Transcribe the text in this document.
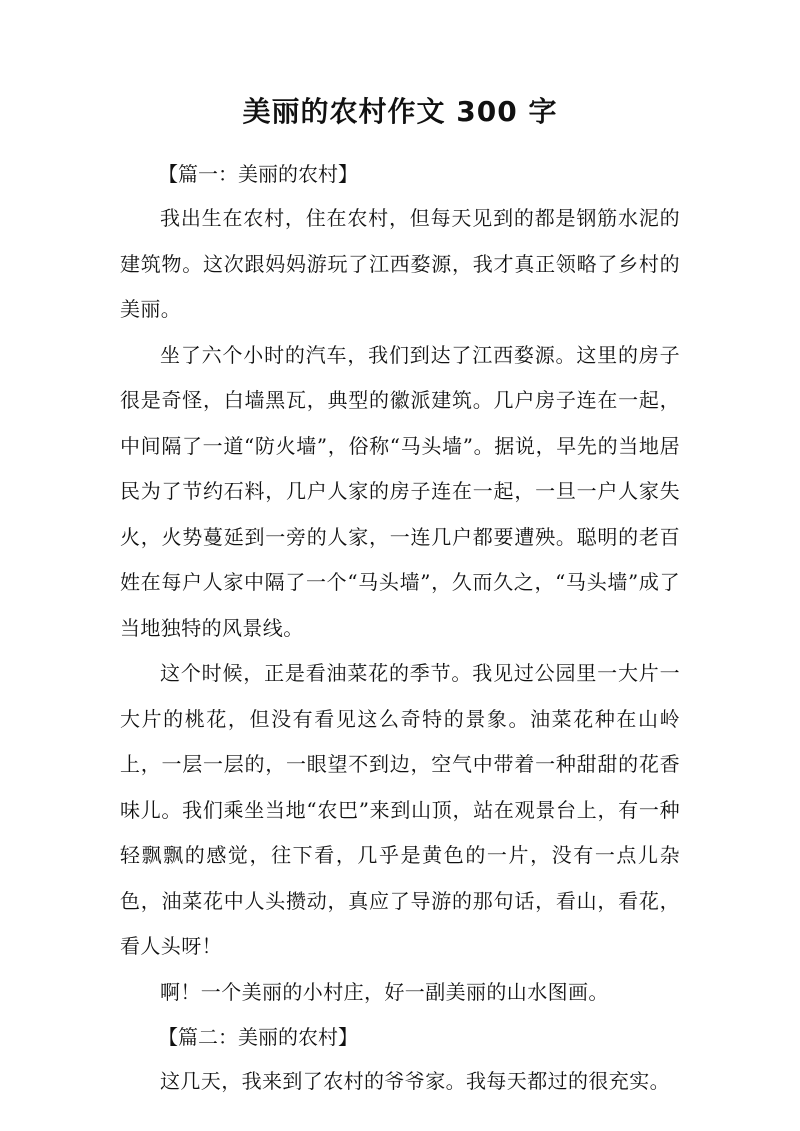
美丽的农村作文 300 字

【篇一：美丽的农村】

我出生在农村，住在农村，但每天见到的都是钢筋水泥的建筑物。这次跟妈妈游玩了江西婺源，我才真正领略了乡村的美丽。

坐了六个小时的汽车，我们到达了江西婺源。这里的房子很是奇怪，白墙黑瓦，典型的徽派建筑。几户房子连在一起，中间隔了一道“防火墙”，俗称“马头墙”。据说，早先的当地居民为了节约石料，几户人家的房子连在一起，一旦一户人家失火，火势蔓延到一旁的人家，一连几户都要遭殃。聪明的老百姓在每户人家中隔了一个“马头墙”，久而久之，“马头墙”成了当地独特的风景线。

这个时候，正是看油菜花的季节。我见过公园里一大片一大片的桃花，但没有看见这么奇特的景象。油菜花种在山岭上，一层一层的，一眼望不到边，空气中带着一种甜甜的花香味儿。我们乘坐当地“农巴”来到山顶，站在观景台上，有一种轻飘飘的感觉，往下看，几乎是黄色的一片，没有一点儿杂色，油菜花中人头攒动，真应了导游的那句话，看山，看花，看人头呀！

啊！一个美丽的小村庄，好一副美丽的山水图画。

【篇二：美丽的农村】

这几天，我来到了农村的爷爷家。我每天都过的很充实。
